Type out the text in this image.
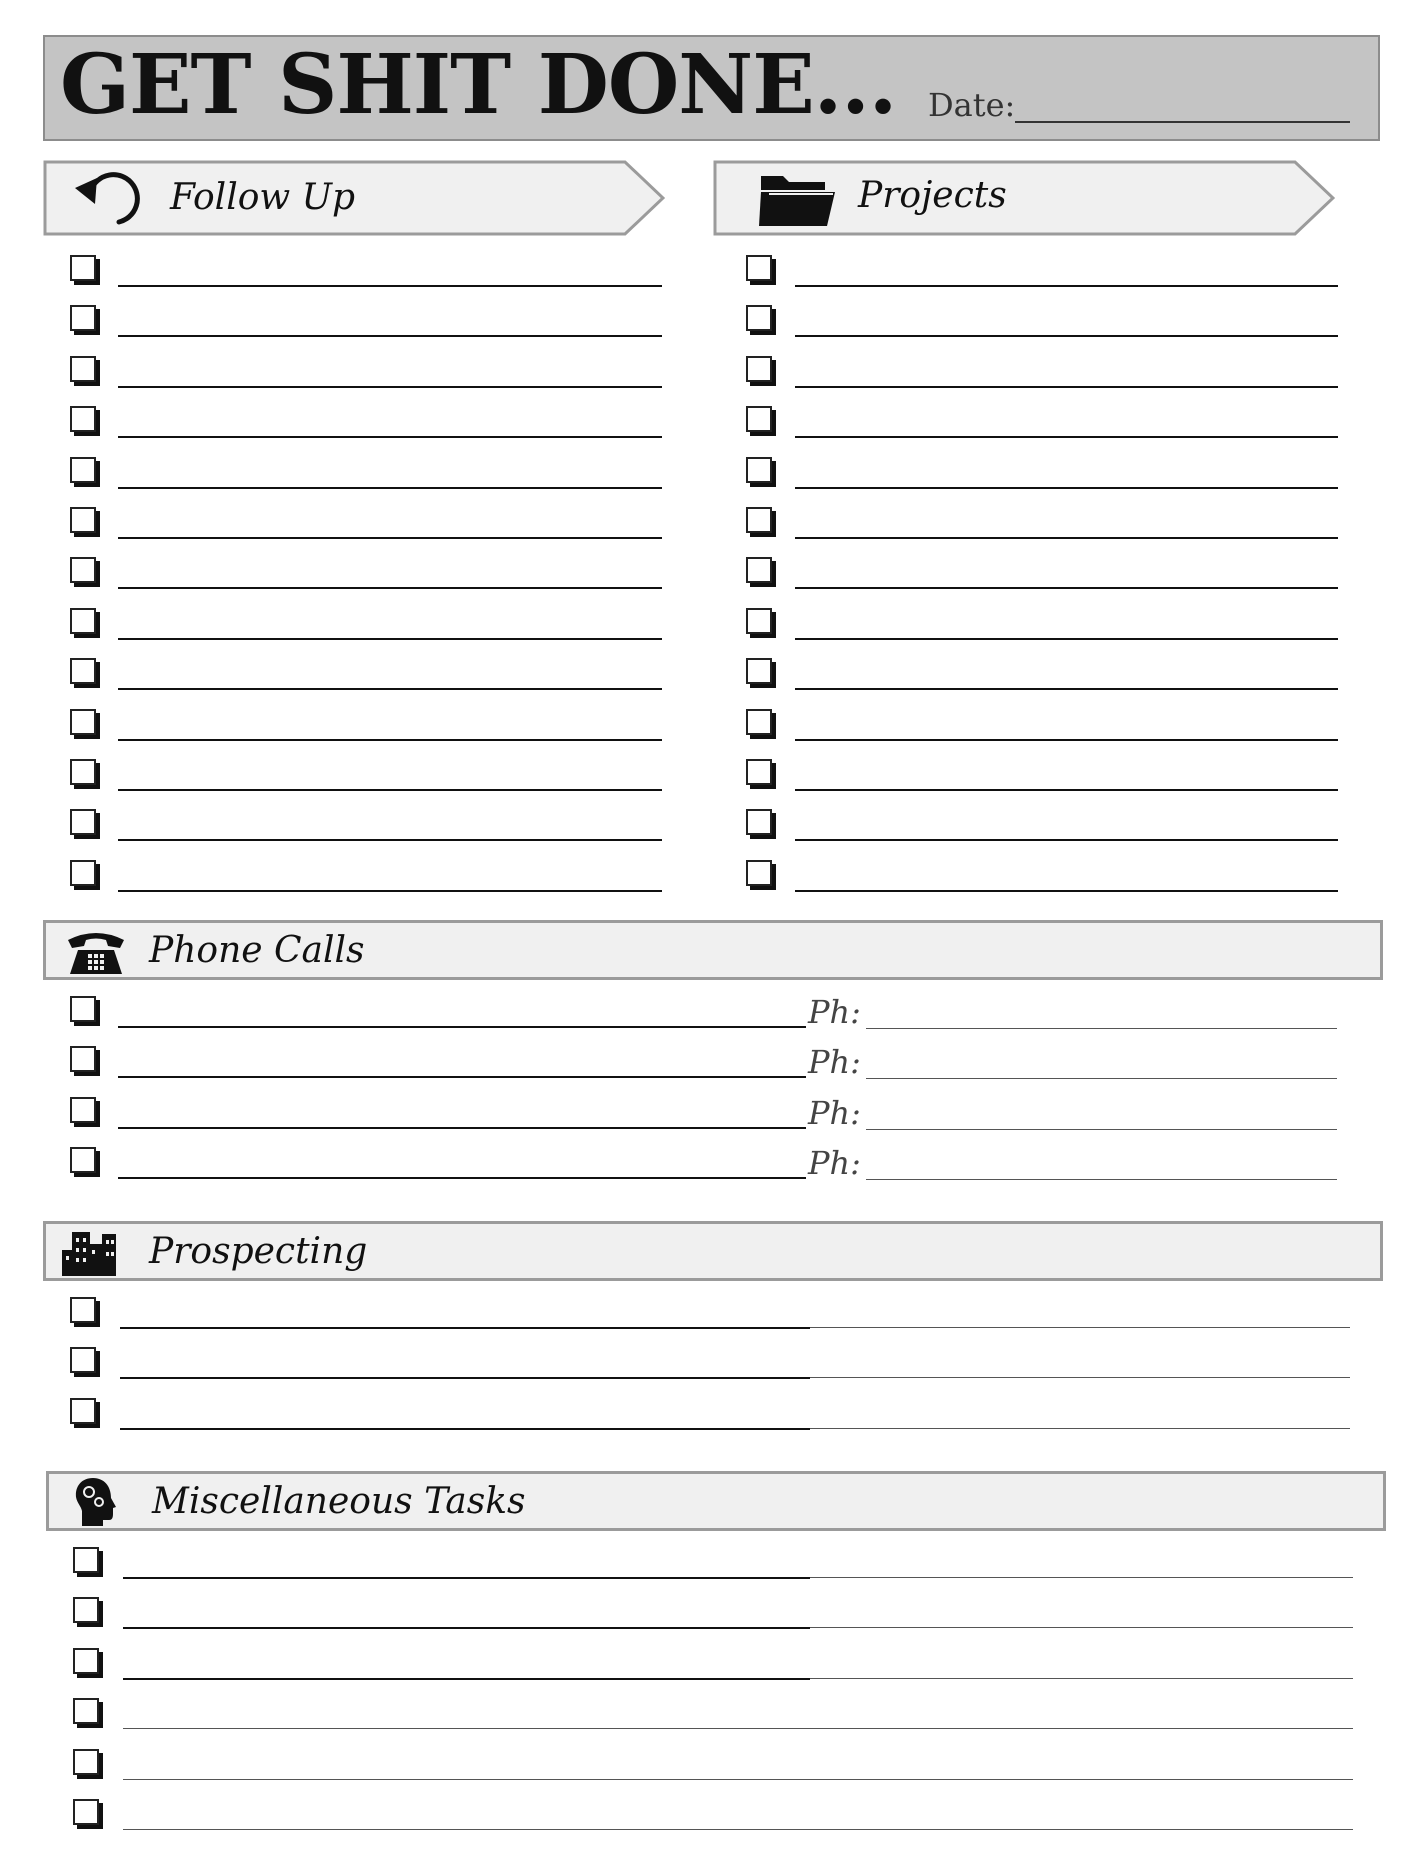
GET SHIT DONE... Date:
Follow Up	Projects
Phone Calls
Ph:
Ph:
Ph:
Ph:
Prospecting
Miscellaneous Tasks
